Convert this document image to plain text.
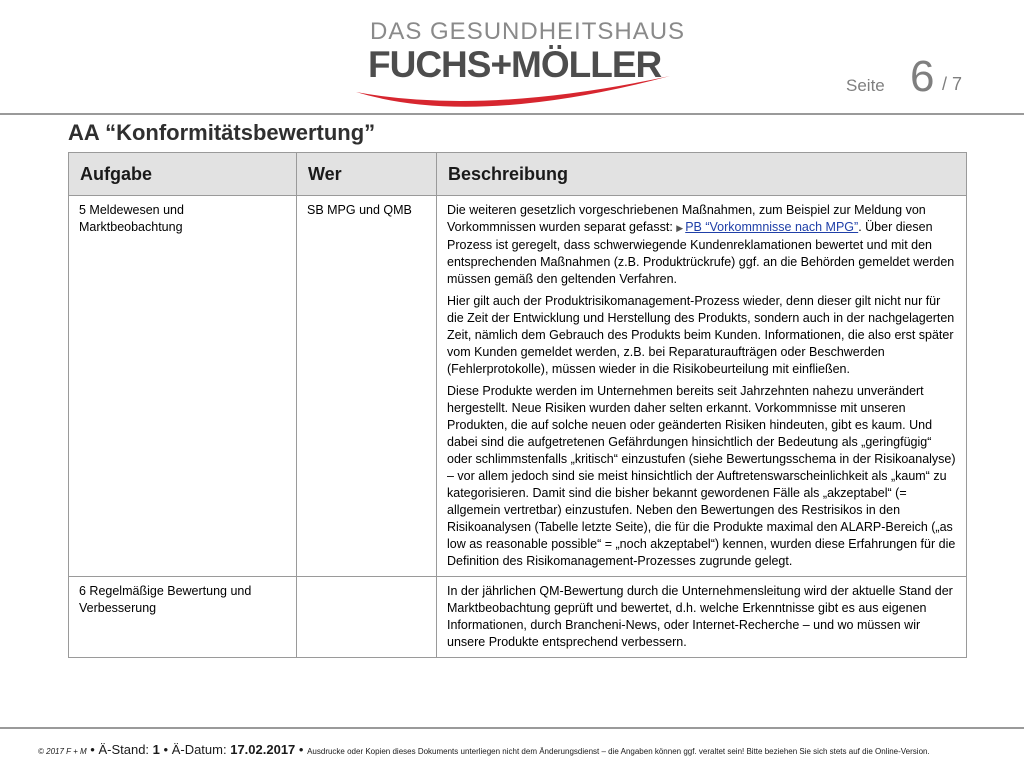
DAS GESUNDHEITSHAUS
FUCHS+MÖLLER
Seite 6 / 7
AA “Konformitätsbewertung”
Aufgabe	Wer	Beschreibung
5 Meldewesen und Marktbeobachtung	SB MPG und QMB	Die weiteren gesetzlich vorgeschriebenen Maßnahmen, zum Beispiel zur Meldung von Vorkommnissen wurden separat gefasst: ▶ PB “Vorkommnisse nach MPG”. Über diesen Prozess ist geregelt, dass schwerwiegende Kundenreklamationen bewertet und mit den entsprechenden Maßnahmen (z.B. Produktrückrufe) ggf. an die Behörden gemeldet werden müssen gemäß den geltenden Verfahren.

Hier gilt auch der Produktrisikomanagement-Prozess wieder, denn dieser gilt nicht nur für die Zeit der Entwicklung und Herstellung des Produkts, sondern auch in der nachgelagerten Zeit, nämlich dem Gebrauch des Produkts beim Kunden. Informationen, die also erst später vom Kunden gemeldet werden, z.B. bei Reparaturaufträgen oder Beschwerden (Fehlerprotokolle), müssen wieder in die Risikobeurteilung mit einfließen.

Diese Produkte werden im Unternehmen bereits seit Jahrzehnten nahezu unverändert hergestellt. Neue Risiken wurden daher selten erkannt. Vorkommnisse mit unseren Produkten, die auf solche neuen oder geänderten Risiken hindeuten, gibt es kaum. Und dabei sind die aufgetretenen Gefährdungen hinsichtlich der Bedeutung als „geringfügig“ oder schlimmstenfalls „kritisch“ einzustufen (siehe Bewertungsschema in der Risikoanalyse) – vor allem jedoch sind sie meist hinsichtlich der Auftretenswarscheinlichkeit als „kaum“ zu kategorisieren. Damit sind die bisher bekannt gewordenen Fälle als „akzeptabel“ (= allgemein vertretbar) einzustufen. Neben den Bewertungen des Restrisikos in den Risikoanalysen (Tabelle letzte Seite), die für die Produkte maximal den ALARP-Bereich („as low as reasonable possible“ = „noch akzeptabel“) kennen, wurden diese Erfahrungen für die Definition des Risikomanagement-Prozesses zugrunde gelegt.

6 Regelmäßige Bewertung und Verbesserung		In der jährlichen QM-Bewertung durch die Unternehmensleitung wird der aktuelle Stand der Marktbeobachtung geprüft und bewertet, d.h. welche Erkenntnisse gibt es aus eigenen Informationen, durch Brancheni-News, oder Internet-Recherche – und wo müssen wir unsere Produkte entsprechend verbessern.

© 2017 F + M • Ä-Stand: 1 • Ä-Datum: 17.02.2017 • Ausdrucke oder Kopien dieses Dokuments unterliegen nicht dem Änderungsdienst – die Angaben können ggf. veraltet sein! Bitte beziehen Sie sich stets auf die Online-Version.
